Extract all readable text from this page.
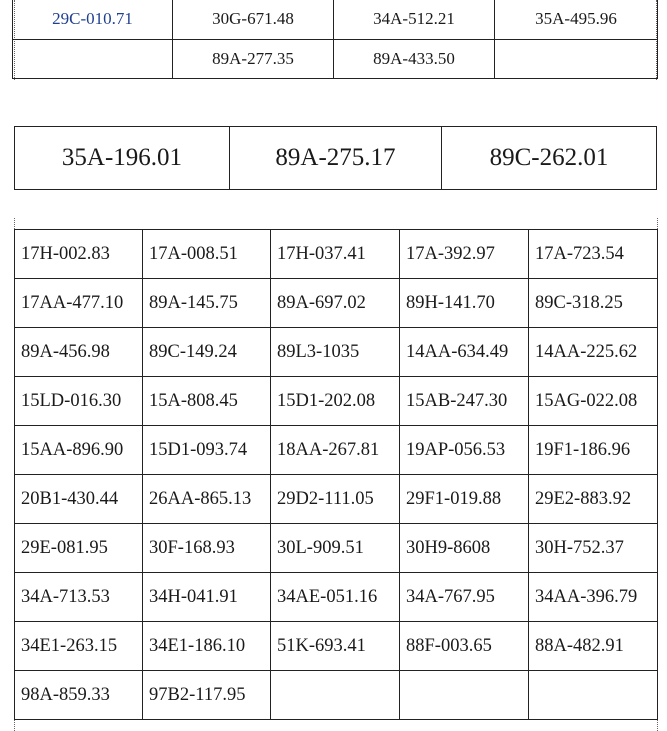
29C-010.71	30G-671.48	34A-512.21	35A-495.96
	89A-277.35	89A-433.50	
35A-196.01	89A-275.17	89C-262.01
17H-002.83	17A-008.51	17H-037.41	17A-392.97	17A-723.54
17AA-477.10	89A-145.75	89A-697.02	89H-141.70	89C-318.25
89A-456.98	89C-149.24	89L3-1035	14AA-634.49	14AA-225.62
15LD-016.30	15A-808.45	15D1-202.08	15AB-247.30	15AG-022.08
15AA-896.90	15D1-093.74	18AA-267.81	19AP-056.53	19F1-186.96
20B1-430.44	26AA-865.13	29D2-111.05	29F1-019.88	29E2-883.92
29E-081.95	30F-168.93	30L-909.51	30H9-8608	30H-752.37
34A-713.53	34H-041.91	34AE-051.16	34A-767.95	34AA-396.79
34E1-263.15	34E1-186.10	51K-693.41	88F-003.65	88A-482.91
98A-859.33	97B2-117.95			
